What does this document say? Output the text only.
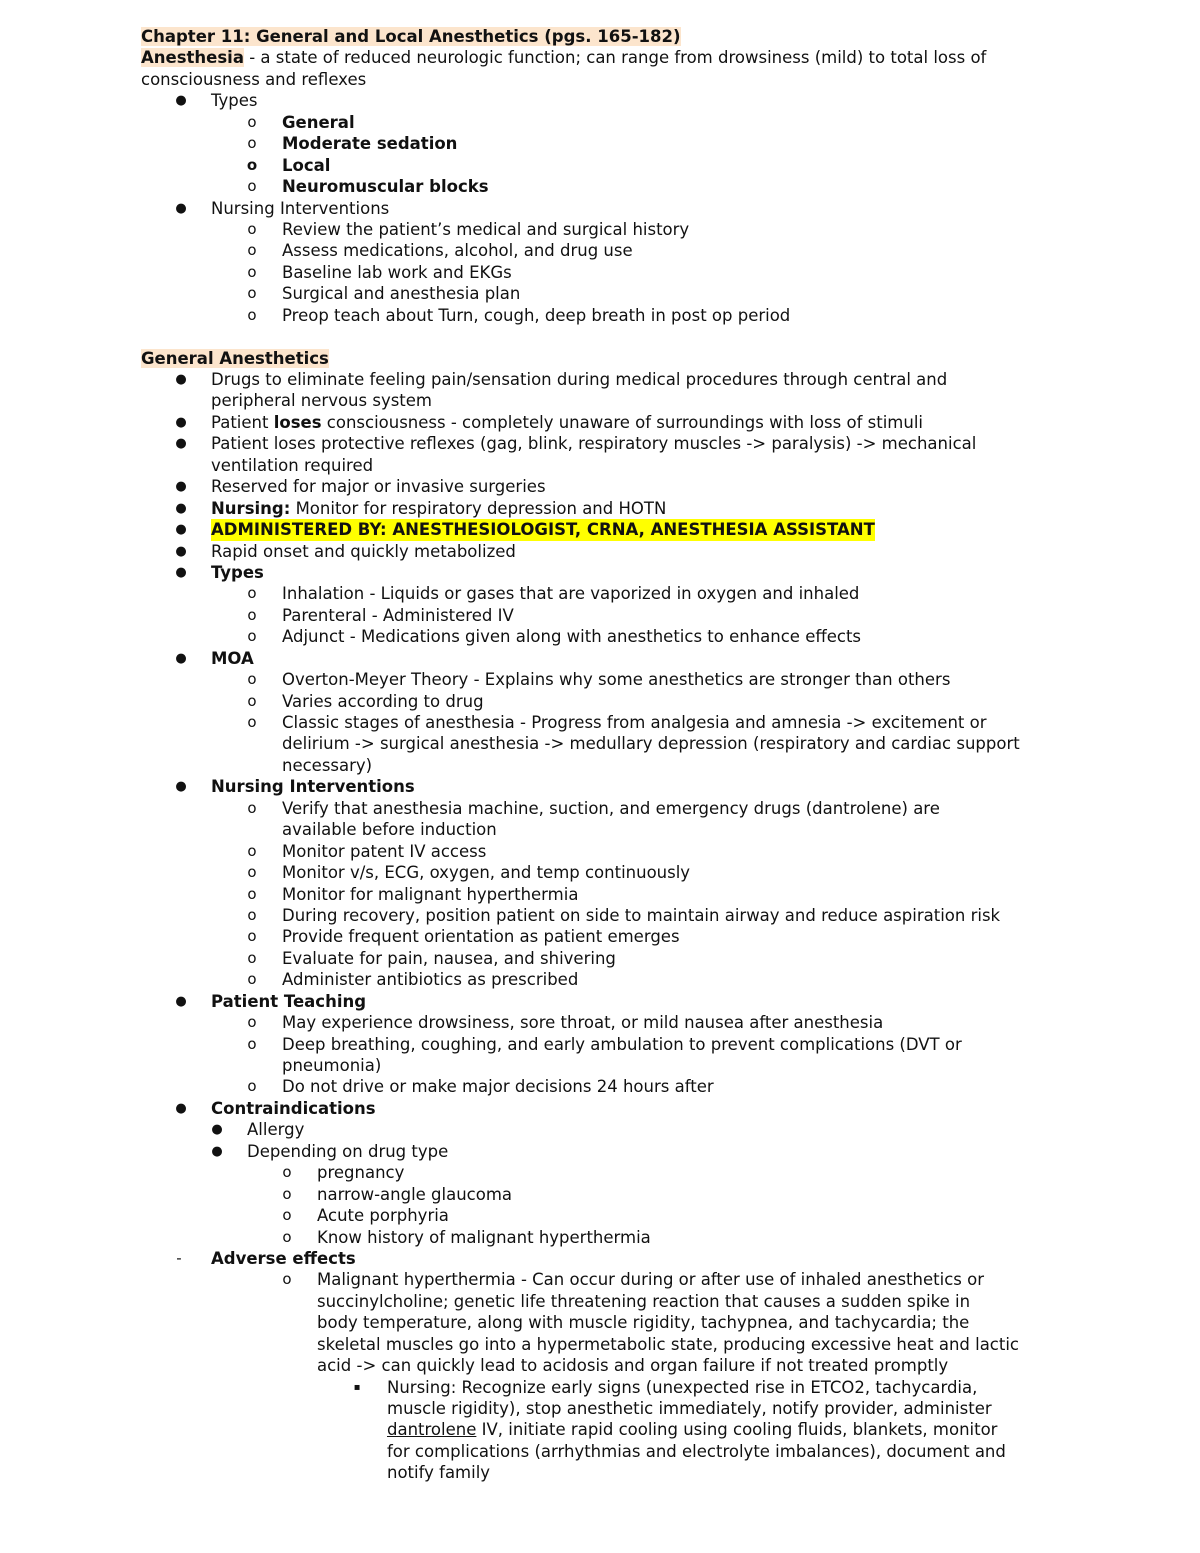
Chapter 11: General and Local Anesthetics (pgs. 165-182)
Anesthesia - a state of reduced neurologic function; can range from drowsiness (mild) to total loss of
consciousness and reflexes
● Types
o	General
o	Moderate sedation
o Local
o	Neuromuscular blocks
● Nursing Interventions
o	Review the patient’s medical and surgical history
o	Assess medications, alcohol, and drug use
o	Baseline lab work and EKGs
o	Surgical and anesthesia plan
o	Preop teach about Turn, cough, deep breath in post op period
General Anesthetics
● Drugs to eliminate feeling pain/sensation during medical procedures through central and
peripheral nervous system
● Patient loses consciousness - completely unaware of surroundings with loss of stimuli
● Patient loses protective reflexes (gag, blink, respiratory muscles -> paralysis) -> mechanical
ventilation required
● Reserved for major or invasive surgeries
● Nursing: Monitor for respiratory depression and HOTN
● ADMINISTERED BY: ANESTHESIOLOGIST, CRNA, ANESTHESIA ASSISTANT
● Rapid onset and quickly metabolized
● Types
o	Inhalation - Liquids or gases that are vaporized in oxygen and inhaled
o	Parenteral - Administered IV
o	Adjunct - Medications given along with anesthetics to enhance effects
● MOA
o	Overton-Meyer Theory - Explains why some anesthetics are stronger than others
o	Varies according to drug
o	Classic stages of anesthesia - Progress from analgesia and amnesia -> excitement or
delirium -> surgical anesthesia -> medullary depression (respiratory and cardiac support
necessary)
● Nursing Interventions
o	Verify that anesthesia machine, suction, and emergency drugs (dantrolene) are
available before induction
o	Monitor patent IV access
o	Monitor v/s, ECG, oxygen, and temp continuously
o	Monitor for malignant hyperthermia
o	During recovery, position patient on side to maintain airway and reduce aspiration risk
o	Provide frequent orientation as patient emerges
o	Evaluate for pain, nausea, and shivering
o	Administer antibiotics as prescribed
● Patient Teaching
o	May experience drowsiness, sore throat, or mild nausea after anesthesia
o	Deep breathing, coughing, and early ambulation to prevent complications (DVT or
pneumonia)
o	Do not drive or make major decisions 24 hours after
● Contraindications
● Allergy
● Depending on drug type
o	pregnancy
o	narrow-angle glaucoma
o	Acute porphyria
o	Know history of malignant hyperthermia
-	Adverse effects
o	Malignant hyperthermia - Can occur during or after use of inhaled anesthetics or
succinylcholine; genetic life threatening reaction that causes a sudden spike in
body temperature, along with muscle rigidity, tachypnea, and tachycardia; the
skeletal muscles go into a hypermetabolic state, producing excessive heat and lactic
acid -> can quickly lead to acidosis and organ failure if not treated promptly
▪	Nursing: Recognize early signs (unexpected rise in ETCO2, tachycardia,
muscle rigidity), stop anesthetic immediately, notify provider, administer
dantrolene IV, initiate rapid cooling using cooling fluids, blankets, monitor
for complications (arrhythmias and electrolyte imbalances), document and
notify family
